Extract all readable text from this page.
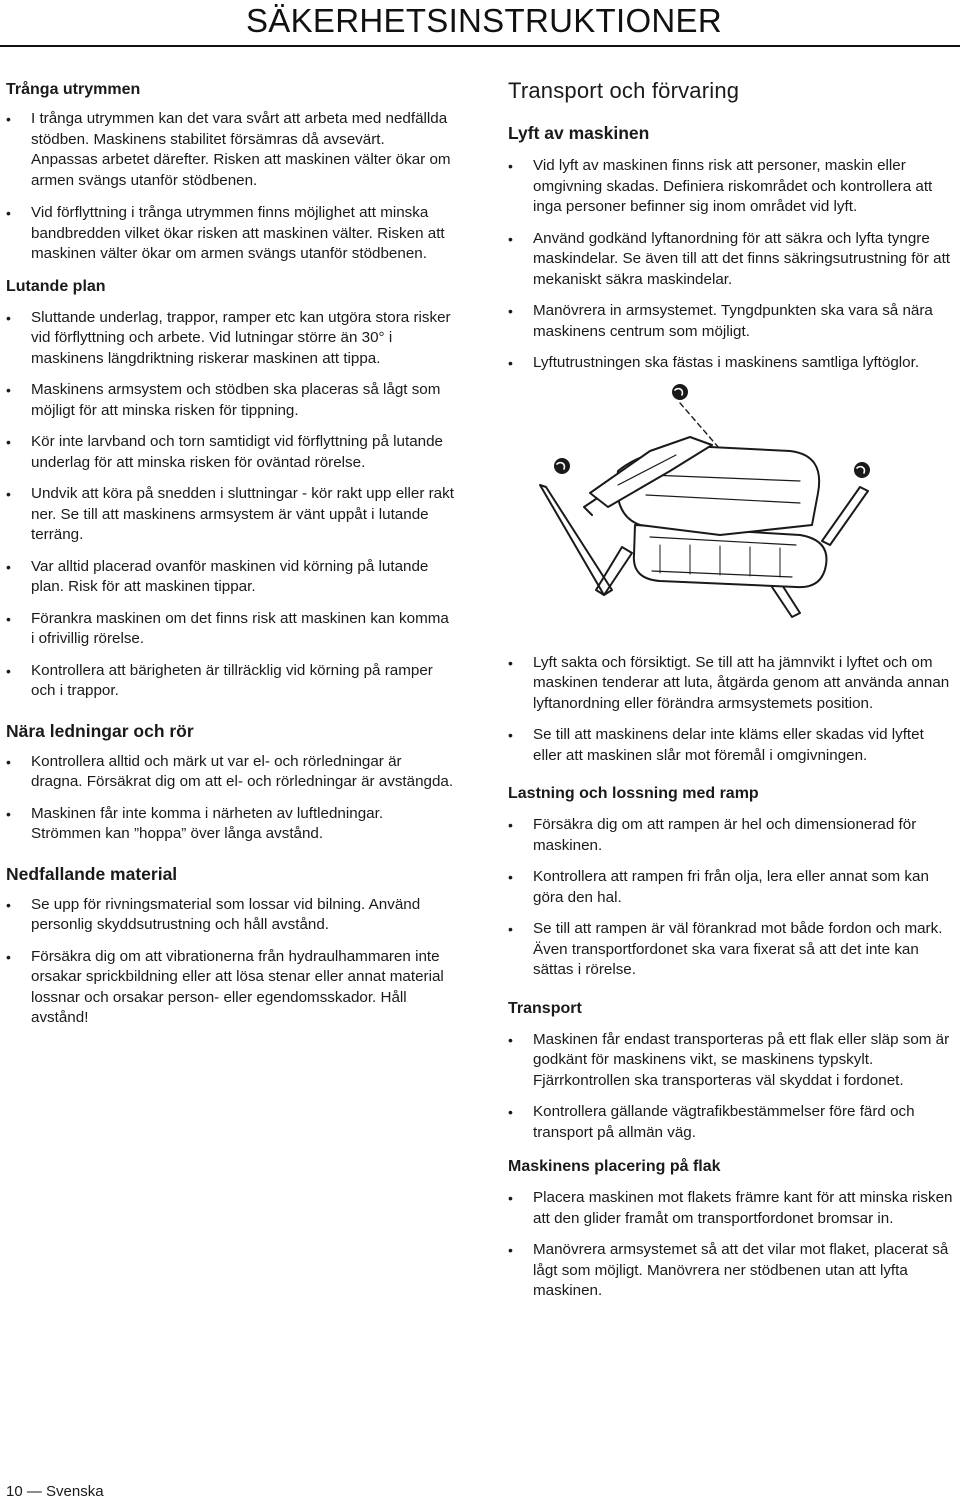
SÄKERHETSINSTRUKTIONER
Trånga utrymmen
• I trånga utrymmen kan det vara svårt att arbeta med nedfällda stödben. Maskinens stabilitet försämras då avsevärt. Anpassas arbetet därefter. Risken att maskinen välter ökar om armen svängs utanför stödbenen.
• Vid förflyttning i trånga utrymmen finns möjlighet att minska bandbredden vilket ökar risken att maskinen välter. Risken att maskinen välter ökar om armen svängs utanför stödbenen.
Lutande plan
• Sluttande underlag, trappor, ramper etc kan utgöra stora risker vid förflyttning och arbete. Vid lutningar större än 30° i maskinens längdriktning riskerar maskinen att tippa.
• Maskinens armsystem och stödben ska placeras så lågt som möjligt för att minska risken för tippning.
• Kör inte larvband och torn samtidigt vid förflyttning på lutande underlag för att minska risken för oväntad rörelse.
• Undvik att köra på snedden i sluttningar - kör rakt upp eller rakt ner. Se till att maskinens armsystem är vänt uppåt i lutande terräng.
• Var alltid placerad ovanför maskinen vid körning på lutande plan. Risk för att maskinen tippar.
• Förankra maskinen om det finns risk att maskinen kan komma i ofrivillig rörelse.
• Kontrollera att bärigheten är tillräcklig vid körning på ramper och i trappor.
Nära ledningar och rör
• Kontrollera alltid och märk ut var el- och rörledningar är dragna. Försäkrat dig om att el- och rörledningar är avstängda.
• Maskinen får inte komma i närheten av luftledningar. Strömmen kan ”hoppa” över långa avstånd.
Nedfallande material
• Se upp för rivningsmaterial som lossar vid bilning. Använd personlig skyddsutrustning och håll avstånd.
• Försäkra dig om att vibrationerna från hydraulhammaren inte orsakar sprickbildning eller att lösa stenar eller annat material lossnar och orsakar person- eller egendomsskador. Håll avstånd!
Transport och förvaring
Lyft av maskinen
• Vid lyft av maskinen finns risk att personer, maskin eller omgivning skadas. Definiera riskområdet och kontrollera att inga personer befinner sig inom området vid lyft.
• Använd godkänd lyftanordning för att säkra och lyfta tyngre maskindelar. Se även till att det finns säkringsutrustning för att mekaniskt säkra maskindelar.
• Manövrera in armsystemet. Tyngdpunkten ska vara så nära maskinens centrum som möjligt.
• Lyftutrustningen ska fästas i maskinens samtliga lyftöglor.
• Lyft sakta och försiktigt. Se till att ha jämnvikt i lyftet och om maskinen tenderar att luta, åtgärda genom att använda annan lyftanordning eller förändra armsystemets position.
• Se till att maskinens delar inte kläms eller skadas vid lyftet eller att maskinen slår mot föremål i omgivningen.
Lastning och lossning med ramp
• Försäkra dig om att rampen är hel och dimensionerad för maskinen.
• Kontrollera att rampen fri från olja, lera eller annat som kan göra den hal.
• Se till att rampen är väl förankrad mot både fordon och mark. Även transportfordonet ska vara fixerat så att det inte kan sättas i rörelse.
Transport
• Maskinen får endast transporteras på ett flak eller släp som är godkänt för maskinens vikt, se maskinens typskylt. Fjärrkontrollen ska transporteras väl skyddat i fordonet.
• Kontrollera gällande vägtrafikbestämmelser före färd och transport på allmän väg.
Maskinens placering på flak
• Placera maskinen mot flakets främre kant för att minska risken att den glider framåt om transportfordonet bromsar in.
• Manövrera armsystemet så att det vilar mot flaket, placerat så lågt som möjligt. Manövrera ner stödbenen utan att lyfta maskinen.
10 — Svenska
